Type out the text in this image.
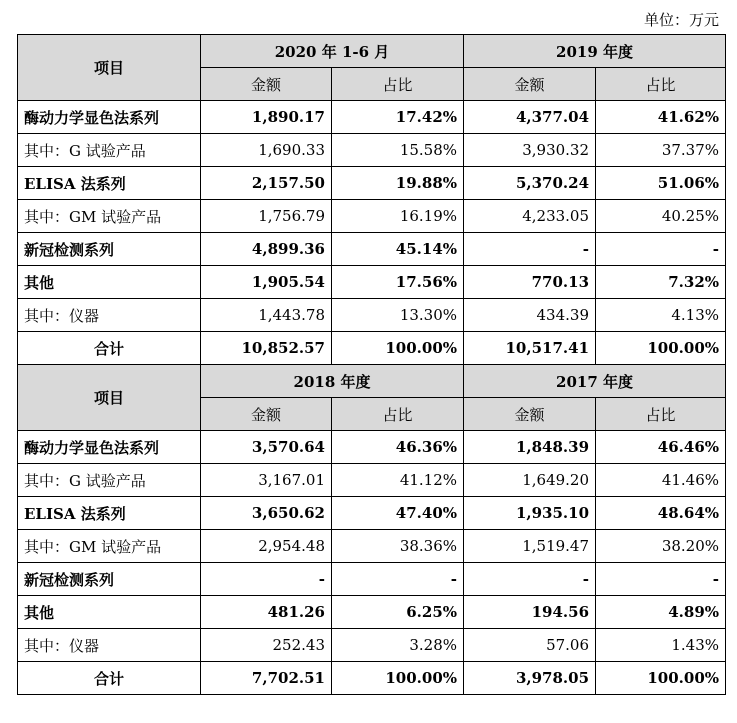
单位：万元
项目	2020 年 1-6 月		2019 年度	
	金额	占比	金额	占比
酶动力学显色法系列	1,890.17	17.42%	4,377.04	41.62%
其中：G 试验产品	1,690.33	15.58%	3,930.32	37.37%
ELISA 法系列	2,157.50	19.88%	5,370.24	51.06%
其中：GM 试验产品	1,756.79	16.19%	4,233.05	40.25%
新冠检测系列	4,899.36	45.14%	-	-
其他	1,905.54	17.56%	770.13	7.32%
其中：仪器	1,443.78	13.30%	434.39	4.13%
合计	10,852.57	100.00%	10,517.41	100.00%
项目	2018 年度		2017 年度	
	金额	占比	金额	占比
酶动力学显色法系列	3,570.64	46.36%	1,848.39	46.46%
其中：G 试验产品	3,167.01	41.12%	1,649.20	41.46%
ELISA 法系列	3,650.62	47.40%	1,935.10	48.64%
其中：GM 试验产品	2,954.48	38.36%	1,519.47	38.20%
新冠检测系列	-	-	-	-
其他	481.26	6.25%	194.56	4.89%
其中：仪器	252.43	3.28%	57.06	1.43%
合计	7,702.51	100.00%	3,978.05	100.00%
